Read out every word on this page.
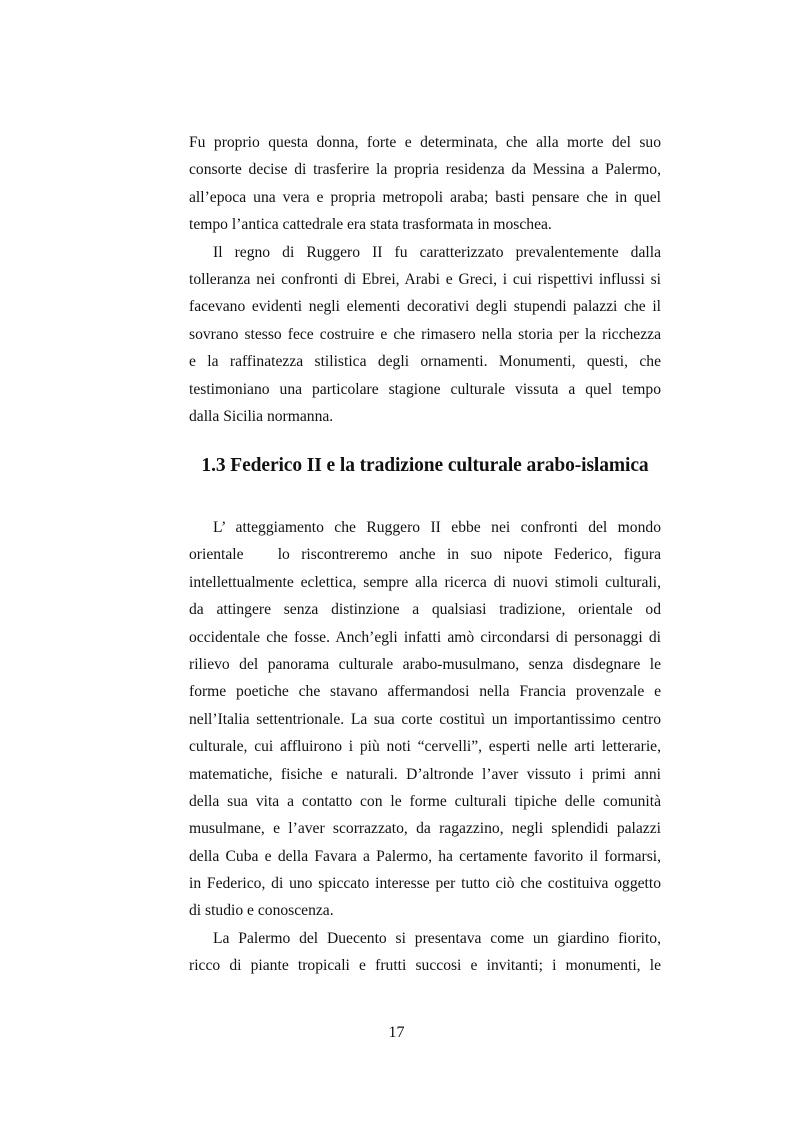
Fu proprio questa donna, forte e determinata, che alla morte del suo
consorte decise di trasferire la propria residenza da Messina a Palermo,
all’epoca una vera e propria metropoli araba; basti pensare che in quel
tempo l’antica cattedrale era stata trasformata in moschea.
Il regno di Ruggero II fu caratterizzato prevalentemente dalla
tolleranza nei confronti di Ebrei, Arabi e Greci, i cui rispettivi influssi si
facevano evidenti negli elementi decorativi degli stupendi palazzi che il
sovrano stesso fece costruire e che rimasero nella storia per la ricchezza
e la raffinatezza stilistica degli ornamenti. Monumenti, questi, che
testimoniano una particolare stagione culturale vissuta a quel tempo
dalla Sicilia normanna.
1.3 Federico II e la tradizione culturale arabo-islamica
L’ atteggiamento che Ruggero II ebbe nei confronti del mondo
orientale   lo riscontreremo anche in suo nipote Federico, figura
intellettualmente eclettica, sempre alla ricerca di nuovi stimoli culturali,
da attingere senza distinzione a qualsiasi tradizione, orientale od
occidentale che fosse. Anch’egli infatti amò circondarsi di personaggi di
rilievo del panorama culturale arabo-musulmano, senza disdegnare le
forme poetiche che stavano affermandosi nella Francia provenzale e
nell’Italia settentrionale. La sua corte costituì un importantissimo centro
culturale, cui affluirono i più noti “cervelli”, esperti nelle arti letterarie,
matematiche, fisiche e naturali. D’altronde l’aver vissuto i primi anni
della sua vita a contatto con le forme culturali tipiche delle comunità
musulmane, e l’aver scorrazzato, da ragazzino, negli splendidi palazzi
della Cuba e della Favara a Palermo, ha certamente favorito il formarsi,
in Federico, di uno spiccato interesse per tutto ciò che costituiva oggetto
di studio e conoscenza.
La Palermo del Duecento si presentava come un giardino fiorito,
ricco di piante tropicali e frutti succosi e invitanti; i monumenti, le
17
